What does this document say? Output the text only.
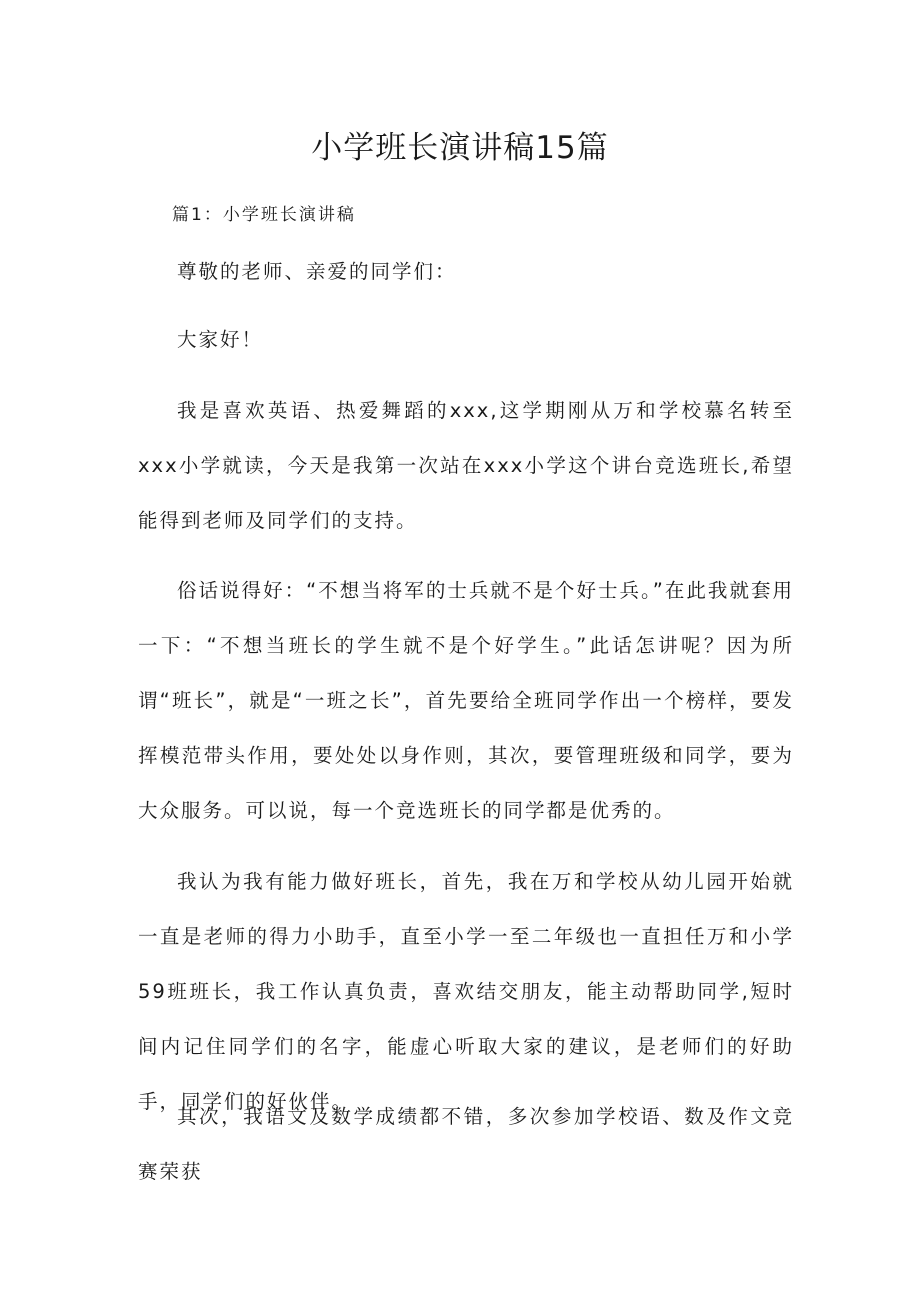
小学班长演讲稿15篇

篇1：小学班长演讲稿

尊敬的老师、亲爱的同学们：

大家好！

我是喜欢英语、热爱舞蹈的xxx,这学期刚从万和学校慕名转至xxx小学就读，今天是我第一次站在xxx小学这个讲台竞选班长,希望能得到老师及同学们的支持。

俗话说得好：“不想当将军的士兵就不是个好士兵。”在此我就套用一下：“不想当班长的学生就不是个好学生。”此话怎讲呢？因为所谓“班长”，就是“一班之长”，首先要给全班同学作出一个榜样，要发挥模范带头作用，要处处以身作则，其次，要管理班级和同学，要为大众服务。可以说，每一个竞选班长的同学都是优秀的。

我认为我有能力做好班长，首先，我在万和学校从幼儿园开始就一直是老师的得力小助手，直至小学一至二年级也一直担任万和小学59班班长，我工作认真负责，喜欢结交朋友，能主动帮助同学,短时间内记住同学们的名字，能虚心听取大家的建议，是老师们的好助手，同学们的好伙伴。

其次，我语文及数学成绩都不错，多次参加学校语、数及作文竞赛荣获
